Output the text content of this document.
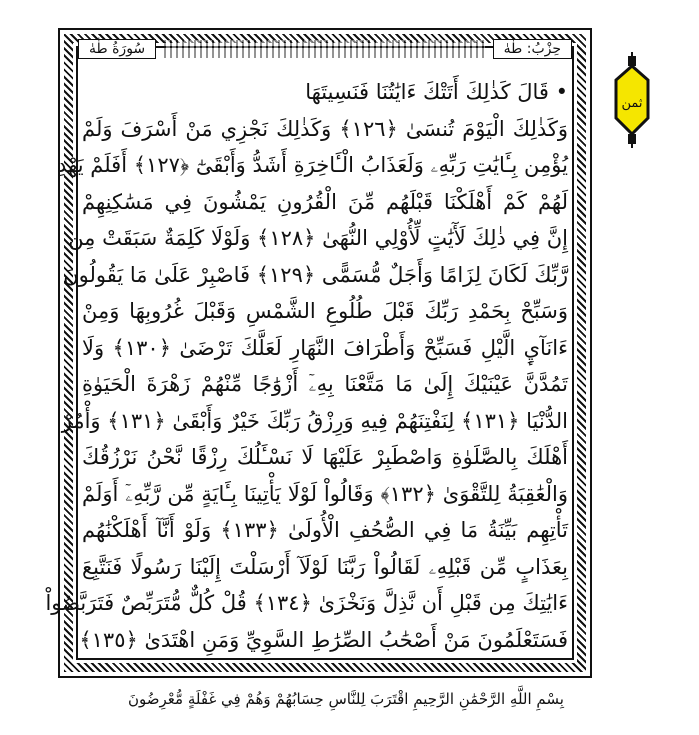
سُورَةُ طٰهٰ	حِزْبُ: طٰهٰ
• قَالَ كَذٰلِكَ أَتَتْكَ ءَايَٰتُنَا فَنَسِيتَهَا
وَكَذٰلِكَ الْيَوْمَ تُنسَىٰ ﴿١٢٦﴾ وَكَذٰلِكَ نَجْزِي مَنْ أَسْرَفَ وَلَمْ
يُؤْمِن بِـَٔايَٰتِ رَبِّهِۦ وَلَعَذَابُ الْـَٔاخِرَةِ أَشَدُّ وَأَبْقَىٰٓ ﴿١٢٧﴾ أَفَلَمْ يَهْدِ
لَهُمْ كَمْ أَهْلَكْنَا قَبْلَهُم مِّنَ الْقُرُونِ يَمْشُونَ فِي مَسَٰكِنِهِمْ
إِنَّ فِي ذٰلِكَ لَأٓيَٰتٍ لِّأُوْلِي النُّهَىٰ ﴿١٢٨﴾ وَلَوْلَا كَلِمَةٌ سَبَقَتْ مِن
رَّبِّكَ لَكَانَ لِزَامًا وَأَجَلٌ مُّسَمًّى ﴿١٢٩﴾ فَاصْبِرْ عَلَىٰ مَا يَقُولُونَ
وَسَبِّحْ بِحَمْدِ رَبِّكَ قَبْلَ طُلُوعِ الشَّمْسِ وَقَبْلَ غُرُوبِهَا وَمِنْ
ءَانَآيِٕ الَّيْلِ فَسَبِّحْ وَأَطْرَافَ النَّهَارِ لَعَلَّكَ تَرْضَىٰ ﴿١٣٠﴾ وَلَا
تَمُدَّنَّ عَيْنَيْكَ إِلَىٰ مَا مَتَّعْنَا بِهِۦٓ أَزْوَٰجًا مِّنْهُمْ زَهْرَةَ الْحَيَوٰةِ
الدُّنْيَا ﴿١٣١﴾ لِنَفْتِنَهُمْ فِيهِ وَرِزْقُ رَبِّكَ خَيْرٌ وَأَبْقَىٰ ﴿١٣١﴾ وَأْمُرْ
أَهْلَكَ بِالصَّلَوٰةِ وَاصْطَبِرْ عَلَيْهَا لَا نَسْـَٔلُكَ رِزْقًا نَّحْنُ نَرْزُقُكَ
وَالْعَٰقِبَةُ لِلتَّقْوَىٰ ﴿١٣٢﴾ وَقَالُواْ لَوْلَا يَأْتِينَا بِـَٔايَةٍ مِّن رَّبِّهِۦٓ أَوَلَمْ
تَأْتِهِم بَيِّنَةُ مَا فِي الصُّحُفِ الْأُولَىٰ ﴿١٣٣﴾ وَلَوْ أَنَّآ أَهْلَكْنَٰهُم
بِعَذَابٍ مِّن قَبْلِهِۦ لَقَالُواْ رَبَّنَا لَوْلَآ أَرْسَلْتَ إِلَيْنَا رَسُولًا فَنَتَّبِعَ
ءَايَٰتِكَ مِن قَبْلِ أَن نَّذِلَّ وَنَخْزَىٰ ﴿١٣٤﴾ قُلْ كُلٌّ مُّتَرَبِّصٌ فَتَرَبَّصُواْ
فَسَتَعْلَمُونَ مَنْ أَصْحَٰبُ الصِّرَٰطِ السَّوِيِّ وَمَنِ اهْتَدَىٰ ﴿١٣٥﴾
بِسْمِ اللَّهِ الرَّحْمَٰنِ الرَّحِيمِ اقْتَرَبَ لِلنَّاسِ حِسَابُهُمْ وَهُمْ فِي غَفْلَةٍ مُّعْرِضُونَ
ثمن
